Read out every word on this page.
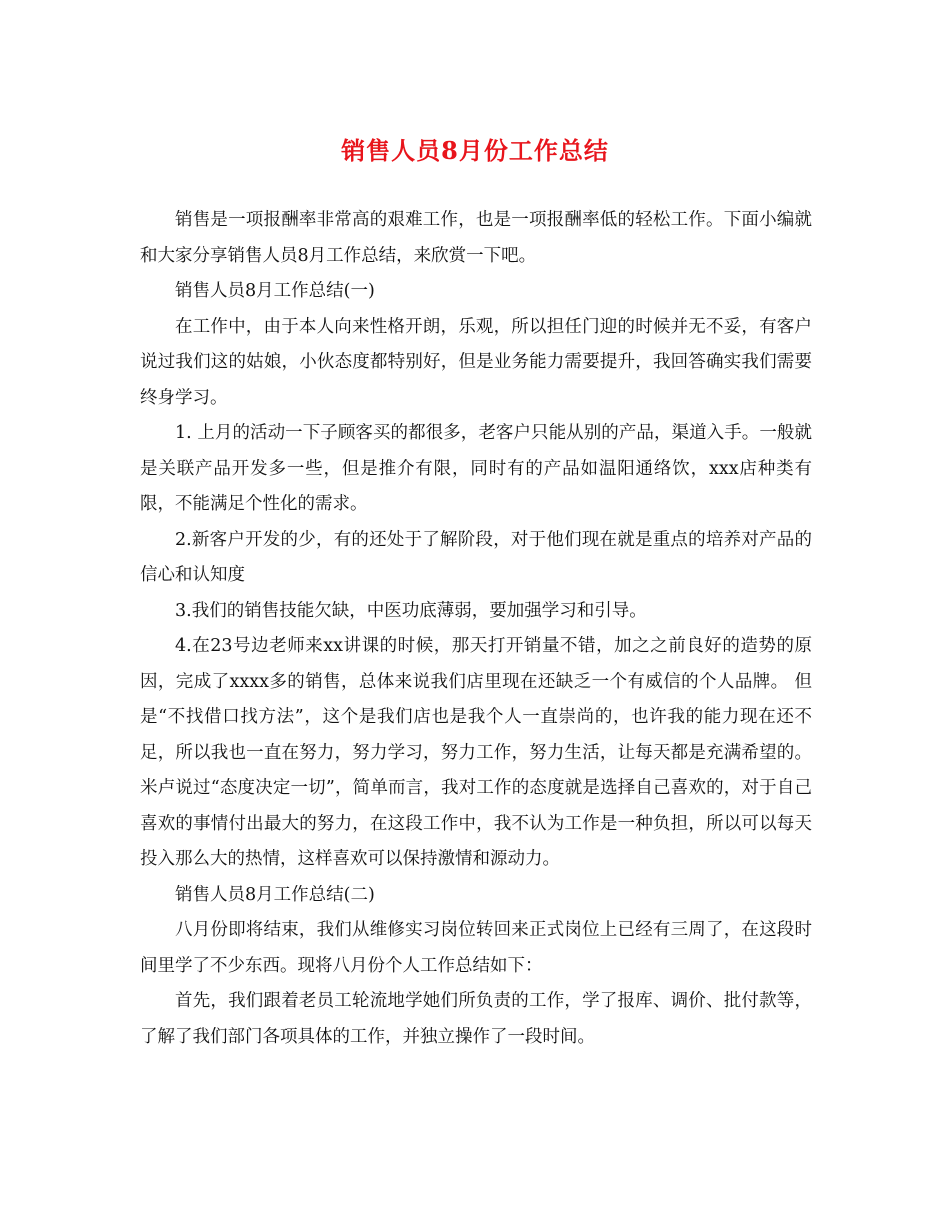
销售人员8月份工作总结

销售是一项报酬率非常高的艰难工作，也是一项报酬率低的轻松工作。下面小编就和大家分享销售人员8月工作总结，来欣赏一下吧。

销售人员8月工作总结(一)

在工作中，由于本人向来性格开朗，乐观，所以担任门迎的时候并无不妥，有客户说过我们这的姑娘，小伙态度都特别好，但是业务能力需要提升，我回答确实我们需要终身学习。

1. 上月的活动一下子顾客买的都很多，老客户只能从别的产品，渠道入手。一般就是关联产品开发多一些，但是推介有限，同时有的产品如温阳通络饮，xxx店种类有限，不能满足个性化的需求。

2.新客户开发的少，有的还处于了解阶段，对于他们现在就是重点的培养对产品的信心和认知度

3.我们的销售技能欠缺，中医功底薄弱，要加强学习和引导。

4.在23号边老师来xx讲课的时候，那天打开销量不错，加之之前良好的造势的原因，完成了xxxx多的销售，总体来说我们店里现在还缺乏一个有威信的个人品牌。 但是“不找借口找方法”，这个是我们店也是我个人一直崇尚的，也许我的能力现在还不足，所以我也一直在努力，努力学习，努力工作，努力生活，让每天都是充满希望的。米卢说过“态度决定一切”，简单而言，我对工作的态度就是选择自己喜欢的，对于自己喜欢的事情付出最大的努力，在这段工作中，我不认为工作是一种负担，所以可以每天投入那么大的热情，这样喜欢可以保持激情和源动力。

销售人员8月工作总结(二)

八月份即将结束，我们从维修实习岗位转回来正式岗位上已经有三周了，在这段时间里学了不少东西。现将八月份个人工作总结如下：

首先，我们跟着老员工轮流地学她们所负责的工作，学了报库、调价、批付款等，了解了我们部门各项具体的工作，并独立操作了一段时间。
